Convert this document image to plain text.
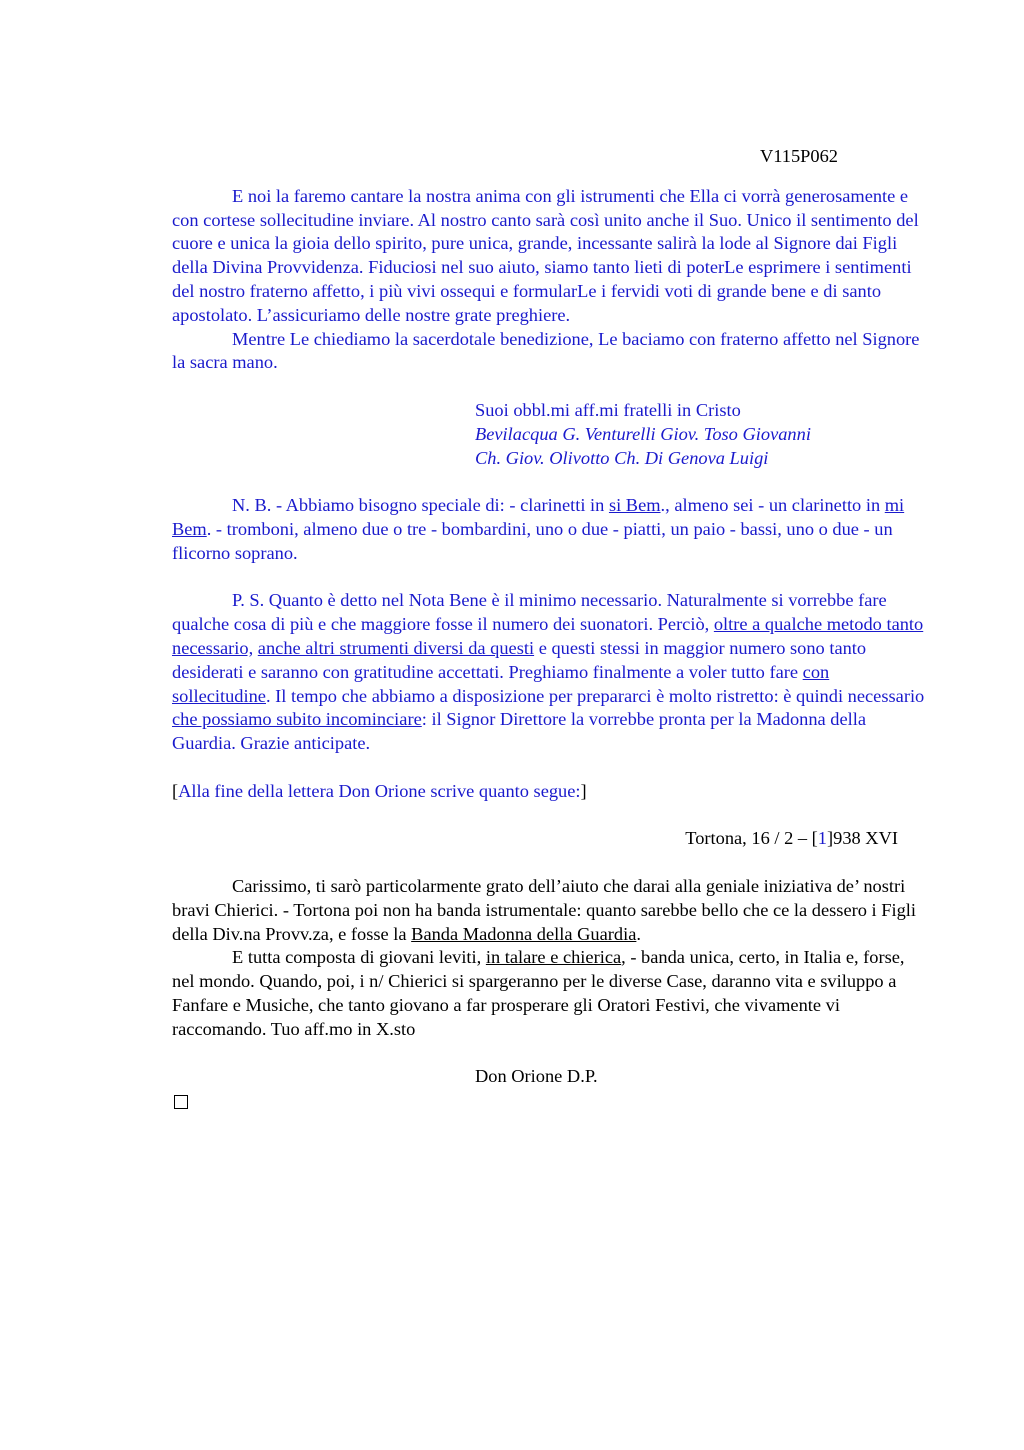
V115P062

E noi la faremo cantare la nostra anima con gli istrumenti che Ella ci vorrà generosamente e con cortese sollecitudine inviare. Al nostro canto sarà così unito anche il Suo. Unico il sentimento del cuore e unica la gioia dello spirito, pure unica, grande, incessante salirà la lode al Signore dai Figli della Divina Provvidenza. Fiduciosi nel suo aiuto, siamo tanto lieti di poterLe esprimere i sentimenti del nostro fraterno affetto, i più vivi ossequi e formularLe i fervidi voti di grande bene e di santo apostolato. L’assicuriamo delle nostre grate preghiere.

Mentre Le chiediamo la sacerdotale benedizione, Le baciamo con fraterno affetto nel Signore la sacra mano.

Suoi obbl.mi aff.mi fratelli in Cristo

Bevilacqua G. Venturelli Giov. Toso Giovanni

Ch. Giov. Olivotto Ch. Di Genova Luigi

N. B. - Abbiamo bisogno speciale di: - clarinetti in si Bem., almeno sei - un clarinetto in mi Bem. - tromboni, almeno due o tre - bombardini, uno o due - piatti, un paio - bassi, uno o due - un flicorno soprano.

P. S. Quanto è detto nel Nota Bene è il minimo necessario. Naturalmente si vorrebbe fare qualche cosa di più e che maggiore fosse il numero dei suonatori. Perciò, oltre a qualche metodo tanto necessario, anche altri strumenti diversi da questi e questi stessi in maggior numero sono tanto desiderati e saranno con gratitudine accettati. Preghiamo finalmente a voler tutto fare con sollecitudine. Il tempo che abbiamo a disposizione per prepararci è molto ristretto: è quindi necessario che possiamo subito incominciare: il Signor Direttore la vorrebbe pronta per la Madonna della Guardia. Grazie anticipate.

[Alla fine della lettera Don Orione scrive quanto segue:]

Tortona, 16 / 2 – [1]938 XVI

Carissimo, ti sarò particolarmente grato dell’aiuto che darai alla geniale iniziativa de’ nostri bravi Chierici. - Tortona poi non ha banda istrumentale: quanto sarebbe bello che ce la dessero i Figli della Div.na Provv.za, e fosse la Banda Madonna della Guardia.

E tutta composta di giovani leviti, in talare e chierica, - banda unica, certo, in Italia e, forse, nel mondo. Quando, poi, i n/ Chierici si spargeranno per le diverse Case, daranno vita e sviluppo a Fanfare e Musiche, che tanto giovano a far prosperare gli Oratori Festivi, che vivamente vi raccomando. Tuo aff.mo in X.sto

Don Orione D.P.
